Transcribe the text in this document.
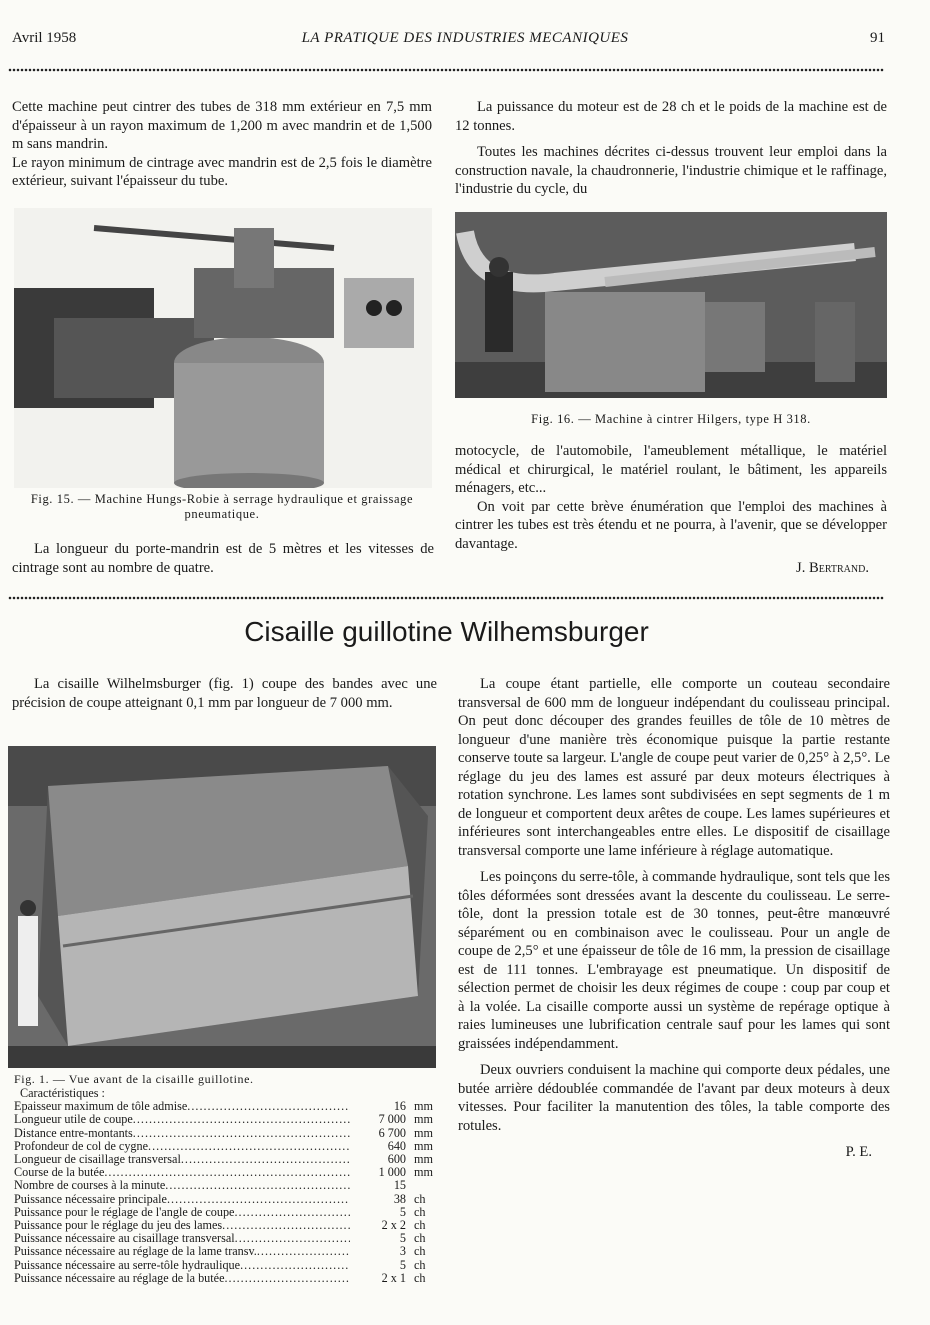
Avril 1958	LA PRATIQUE DES INDUSTRIES MECANIQUES	91

Cette machine peut cintrer des tubes de 318 mm extérieur en 7,5 mm d'épaisseur à un rayon maximum de 1,200 m avec mandrin et de 1,500 m sans mandrin.

Le rayon minimum de cintrage avec mandrin est de 2,5 fois le diamètre extérieur, suivant l'épaisseur du tube.

La puissance du moteur est de 28 ch et le poids de la machine est de 12 tonnes.

Toutes les machines décrites ci-dessus trouvent leur emploi dans la construction navale, la chaudronnerie, l'industrie chimique et le raffinage, l'industrie du cycle, du

Fig. 15. — Machine Hungs-Robie à serrage hydraulique et graissage pneumatique.
Fig. 16. — Machine à cintrer Hilgers, type H 318.

La longueur du porte-mandrin est de 5 mètres et les vitesses de cintrage sont au nombre de quatre.

motocycle, de l'automobile, l'ameublement métallique, le matériel médical et chirurgical, le matériel roulant, le bâtiment, les appareils ménagers, etc...

On voit par cette brève énumération que l'emploi des machines à cintrer les tubes est très étendu et ne pourra, à l'avenir, que se développer davantage.

J. Bertrand.

Cisaille guillotine Wilhemsburger

La cisaille Wilhelmsburger (fig. 1) coupe des bandes avec une précision de coupe atteignant 0,1 mm par longueur de 7 000 mm.

Fig. 1. — Vue avant de la cisaille guillotine.
Caractéristiques :
Epaisseur maximum de tôle admise .....	16 mm
Longueur utile de coupe .....	7 000 mm
Distance entre-montants .....	6 700 mm
Profondeur de col de cygne .....	640 mm
Longueur de cisaillage transversal .....	600 mm
Course de la butée .....	1 000 mm
Nombre de courses à la minute .....	15
Puissance nécessaire principale .....	38 ch
Puissance pour le réglage de l'angle de coupe .....	5 ch
Puissance pour le réglage du jeu des lames .....	2 x 2 ch
Puissance nécessaire au cisaillage transversal .....	5 ch
Puissance nécessaire au réglage de la lame transv. .....	3 ch
Puissance nécessaire au serre-tôle hydraulique .....	5 ch
Puissance nécessaire au réglage de la butée .....	2 x 1 ch

La coupe étant partielle, elle comporte un couteau secondaire transversal de 600 mm de longueur indépendant du coulisseau principal. On peut donc découper des grandes feuilles de tôle de 10 mètres de longueur d'une manière très économique puisque la partie restante conserve toute sa largeur. L'angle de coupe peut varier de 0,25° à 2,5°. Le réglage du jeu des lames est assuré par deux moteurs électriques à rotation synchrone. Les lames sont subdivisées en sept segments de 1 m de longueur et comportent deux arêtes de coupe. Les lames supérieures et inférieures sont interchangeables entre elles. Le dispositif de cisaillage transversal comporte une lame inférieure à réglage automatique.

Les poinçons du serre-tôle, à commande hydraulique, sont tels que les tôles déformées sont dressées avant la descente du coulisseau. Le serre-tôle, dont la pression totale est de 30 tonnes, peut-être manœuvré séparément ou en combinaison avec le coulisseau. Pour un angle de coupe de 2,5° et une épaisseur de tôle de 16 mm, la pression de cisaillage est de 111 tonnes. L'embrayage est pneumatique. Un dispositif de sélection permet de choisir les deux régimes de coupe : coup par coup et à la volée. La cisaille comporte aussi un système de repérage optique à raies lumineuses une lubrification centrale sauf pour les lames qui sont graissées indépendamment.

Deux ouvriers conduisent la machine qui comporte deux pédales, une butée arrière dédoublée commandée de l'avant par deux moteurs à deux vitesses. Pour faciliter la manutention des tôles, la table comporte des rotules.

P. E.
